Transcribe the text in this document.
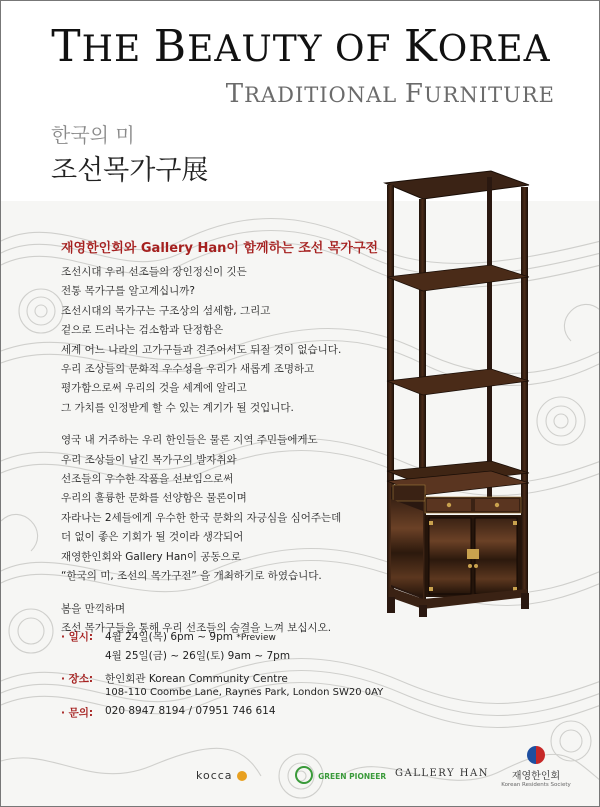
THE BEAUTY OF KOREA
TRADITIONAL FURNITURE
한국의 미
조선목가구展
재영한인회와 Gallery Han이 함께하는 조선 목가구전

조선시대 우리 선조들의 장인정신이 깃든
전통 목가구를 알고계십니까?
조선시대의 목가구는 구조상의 섬세함, 그리고
겉으로 드러나는 검소함과 단정함은
세계 어느 나라의 고가구들과 견주어서도 뒤질 것이 없습니다.
우리 조상들의 문화적 우수성을 우리가 새롭게 조명하고
평가함으로써 우리의 것을 세계에 알리고
그 가치를 인정받게 할 수 있는 계기가 될 것입니다.

영국 내 거주하는 우리 한인들은 물론 지역 주민들에게도
우리 조상들이 남긴 목가구의 발자취와
선조들의 우수한 작품을 선보임으로써
우리의 훌륭한 문화를 선양함은 물론이며
자라나는 2세들에게 우수한 한국 문화의 자긍심을 심어주는데
더 없이 좋은 기회가 될 것이라 생각되어
재영한인회와 Gallery Han이 공동으로
“한국의 미, 조선의 목가구전” 을 개최하기로 하였습니다.

봄을 만끽하며
조선 목가구들을 통해 우리 선조들의 숨결을 느껴 보십시오.

· 일시: 4월 24일(목) 6pm ~ 9pm *Preview
4월 25일(금) ~ 26일(토) 9am ~ 7pm
· 장소: 한인회관 Korean Community Centre
108-110 Coombe Lane, Raynes Park, London SW20 0AY
· 문의: 020 8947 8194 / 07951 746 614
kocca	GREEN PIONEER GALLERY HAN	재영한인회
Korean Residents Society
